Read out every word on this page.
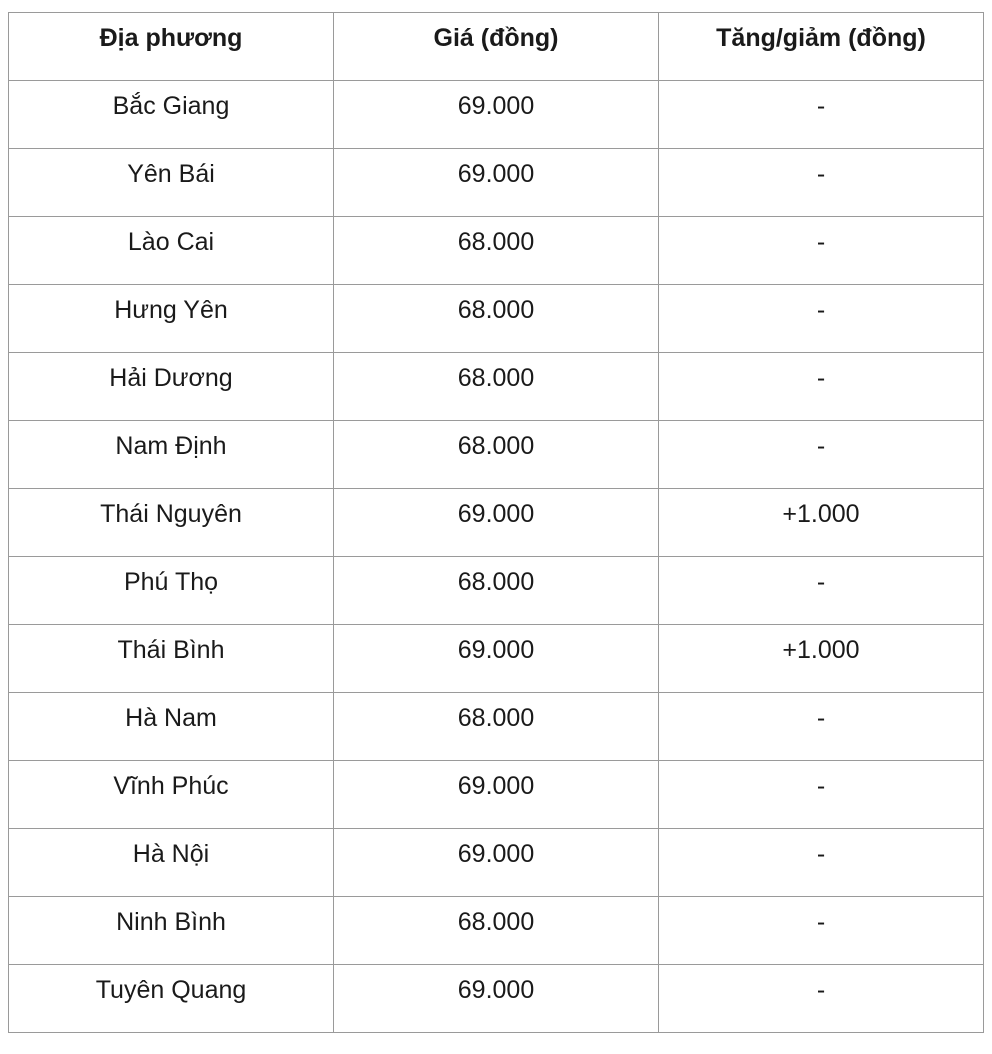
Địa phương	Giá (đồng)	Tăng/giảm (đồng)
Bắc Giang	69.000	-
Yên Bái	69.000	-
Lào Cai	68.000	-
Hưng Yên	68.000	-
Hải Dương	68.000	-
Nam Định	68.000	-
Thái Nguyên	69.000	+1.000
Phú Thọ	68.000	-
Thái Bình	69.000	+1.000
Hà Nam	68.000	-
Vĩnh Phúc	69.000	-
Hà Nội	69.000	-
Ninh Bình	68.000	-
Tuyên Quang	69.000	-
